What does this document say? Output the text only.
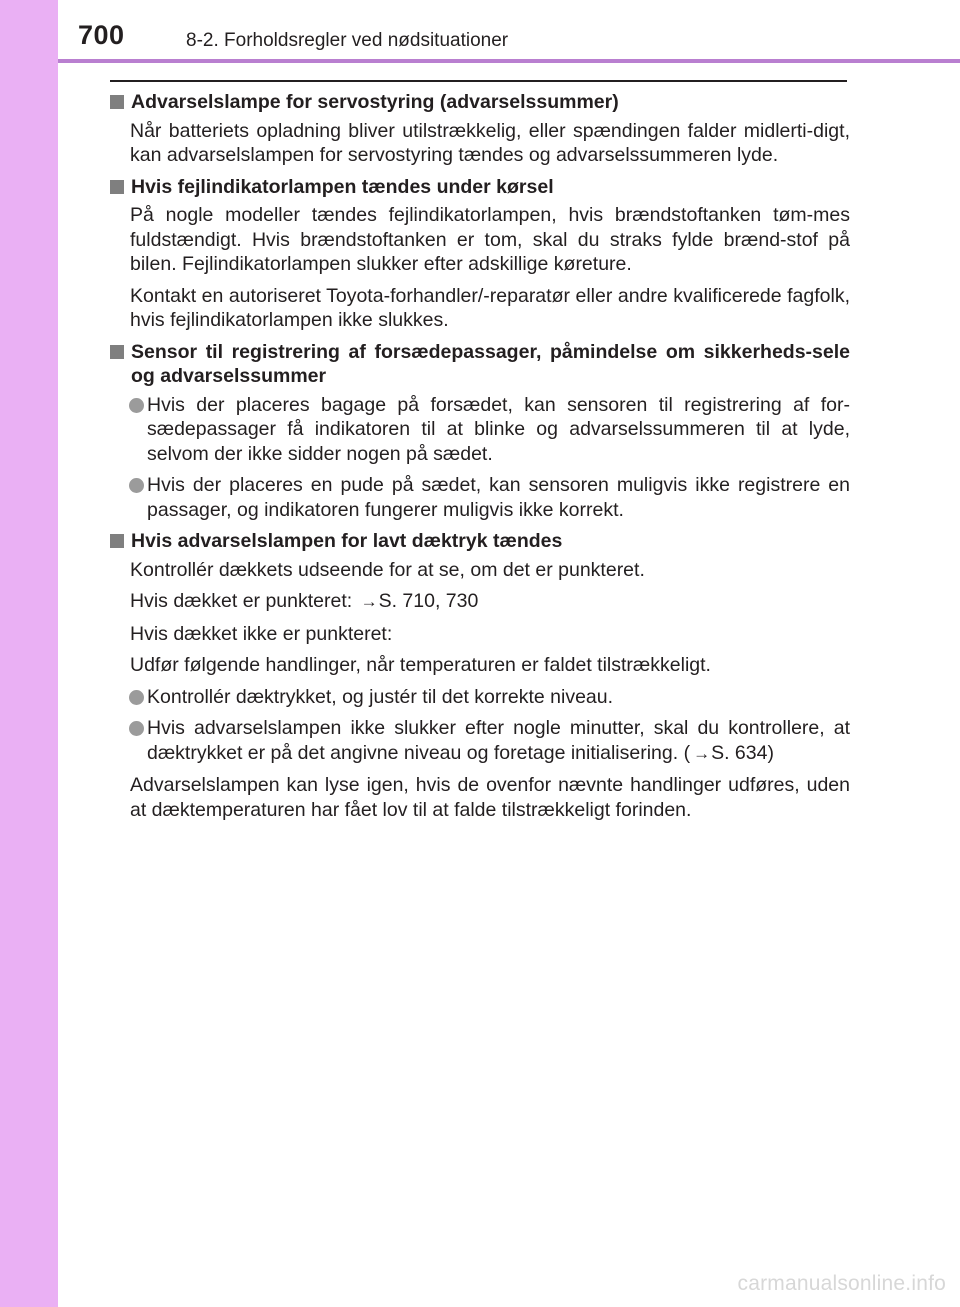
700	8-2. Forholdsregler ved nødsituationer
Advarselslampe for servostyring (advarselssummer)

Når batteriets opladning bliver utilstrækkelig, eller spændingen falder midlerti-digt, kan advarselslampen for servostyring tændes og advarselssummeren lyde.

Hvis fejlindikatorlampen tændes under kørsel

På nogle modeller tændes fejlindikatorlampen, hvis brændstoftanken tøm-mes fuldstændigt. Hvis brændstoftanken er tom, skal du straks fylde brænd-stof på bilen. Fejlindikatorlampen slukker efter adskillige køreture.

Kontakt en autoriseret Toyota-forhandler/-reparatør eller andre kvalificerede fagfolk, hvis fejlindikatorlampen ikke slukkes.

Sensor til registrering af forsædepassager, påmindelse om sikkerheds-sele og advarselssummer

Hvis der placeres bagage på forsædet, kan sensoren til registrering af for-sædepassager få indikatoren til at blinke og advarselssummeren til at lyde, selvom der ikke sidder nogen på sædet.

Hvis der placeres en pude på sædet, kan sensoren muligvis ikke registrere en passager, og indikatoren fungerer muligvis ikke korrekt.

Hvis advarselslampen for lavt dæktryk tændes

Kontrollér dækkets udseende for at se, om det er punkteret.

Hvis dækket er punkteret: →S. 710, 730

Hvis dækket ikke er punkteret:

Udfør følgende handlinger, når temperaturen er faldet tilstrækkeligt.

Kontrollér dæktrykket, og justér til det korrekte niveau.

Hvis advarselslampen ikke slukker efter nogle minutter, skal du kontrollere, at dæktrykket er på det angivne niveau og foretage initialisering. ( →S. 634)

Advarselslampen kan lyse igen, hvis de ovenfor nævnte handlinger udføres, uden at dæktemperaturen har fået lov til at falde tilstrækkeligt forinden.

carmanualsonline.info
